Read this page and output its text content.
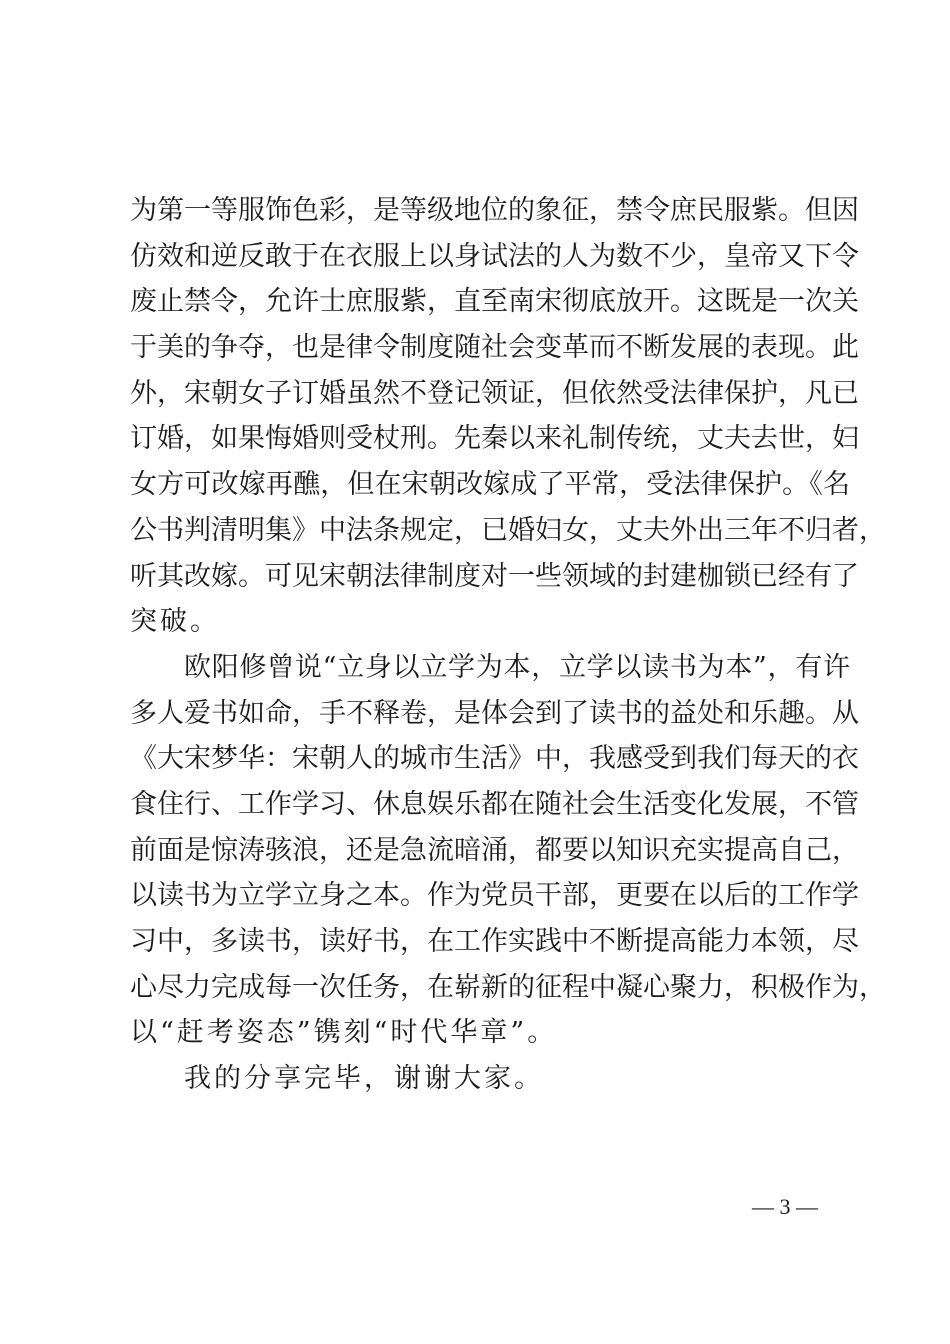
为第一等服饰色彩，是等级地位的象征，禁令庶民服紫。但因
仿效和逆反敢于在衣服上以身试法的人为数不少，皇帝又下令
废止禁令，允许士庶服紫，直至南宋彻底放开。这既是一次关
于美的争夺，也是律令制度随社会变革而不断发展的表现。此
外，宋朝女子订婚虽然不登记领证，但依然受法律保护，凡已
订婚，如果悔婚则受杖刑。先秦以来礼制传统，丈夫去世，妇
女方可改嫁再醮，但在宋朝改嫁成了平常，受法律保护。《名
公书判清明集》中法条规定，已婚妇女，丈夫外出三年不归者，
听其改嫁。可见宋朝法律制度对一些领域的封建枷锁已经有了
突破。
欧阳修曾说“立身以立学为本，立学以读书为本”，有许
多人爱书如命，手不释卷，是体会到了读书的益处和乐趣。从
《大宋梦华：宋朝人的城市生活》中，我感受到我们每天的衣
食住行、工作学习、休息娱乐都在随社会生活变化发展，不管
前面是惊涛骇浪，还是急流暗涌，都要以知识充实提高自己，
以读书为立学立身之本。作为党员干部，更要在以后的工作学
习中，多读书，读好书，在工作实践中不断提高能力本领，尽
心尽力完成每一次任务，在崭新的征程中凝心聚力，积极作为，
以“赶考姿态”镌刻“时代华章”。
我的分享完毕，谢谢大家。
— 3 —
